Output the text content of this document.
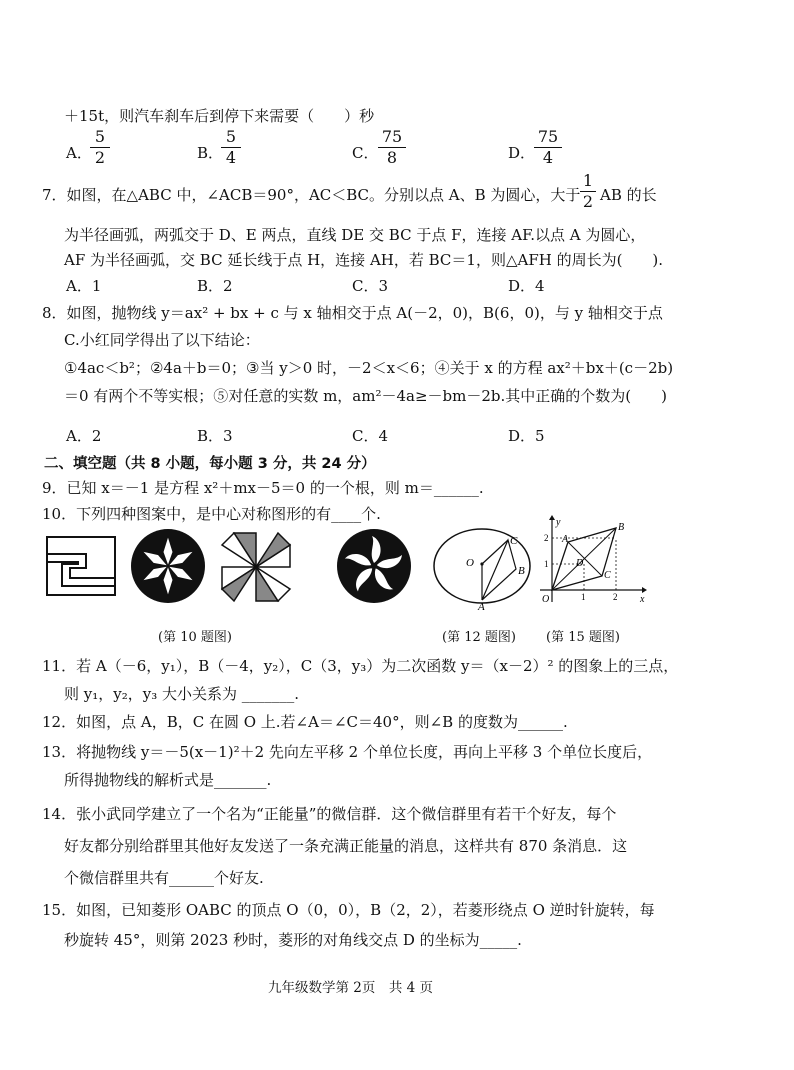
＋15t，则汽车刹车后到停下来需要（　　）秒
A．
5
2	B．
5
4	C．
75
8	D．
75
4
7．如图，在△ABC 中，∠ACB＝90°，AC＜BC。分别以点 A、B 为圆心，大于
1
2 AB 的长
为半径画弧，两弧交于 D、E 两点，直线 DE 交 BC 于点 F，连接 AF.以点 A 为圆心，
AF 为半径画弧，交 BC 延长线于点 H，连接 AH，若 BC＝1，则△AFH 的周长为(　　).
A．1	B．2	C．3	D．4
8．如图，抛物线 y＝ax² + bx + c 与 x 轴相交于点 A(－2，0)，B(6，0)，与 y 轴相交于点
C.小红同学得出了以下结论：
①4ac＜b²；②4a＋b＝0；③当 y＞0 时，－2＜x＜6；④关于 x 的方程 ax²＋bx＋(c－2b)
＝0 有两个不等实根；⑤对任意的实数 m，am²－4a≥－bm－2b.其中正确的个数为(　　)
A．2	B．3	C．4	D．5
二、填空题（共 8 小题，每小题 3 分，共 24 分）
9．已知 x＝－1 是方程 x²＋mx－5＝0 的一个根，则 m＝______.
10．下列四种图案中，是中心对称图形的有____个.
O
A
B
C
y
x
O
A
B
C
D
1	2
1
2
(第 10 题图)	(第 12 题图) (第 15 题图)
11．若 A（－6，y₁），B（－4，y₂），C（3，y₃）为二次函数 y＝（x－2）² 的图象上的三点，
则 y₁，y₂，y₃ 大小关系为 _______.
12．如图，点 A，B，C 在圆 O 上.若∠A＝∠C＝40°，则∠B 的度数为______.
13．将抛物线 y＝－5(x－1)²＋2 先向左平移 2 个单位长度，再向上平移 3 个单位长度后，
所得抛物线的解析式是_______.
14．张小武同学建立了一个名为“正能量”的微信群．这个微信群里有若干个好友，每个
好友都分别给群里其他好友发送了一条充满正能量的消息，这样共有 870 条消息．这
个微信群里共有______个好友.
15．如图，已知菱形 OABC 的顶点 O（0，0），B（2，2），若菱形绕点 O 逆时针旋转，每
秒旋转 45°，则第 2023 秒时，菱形的对角线交点 D 的坐标为_____.
九年级数学第 2页　共 4 页
